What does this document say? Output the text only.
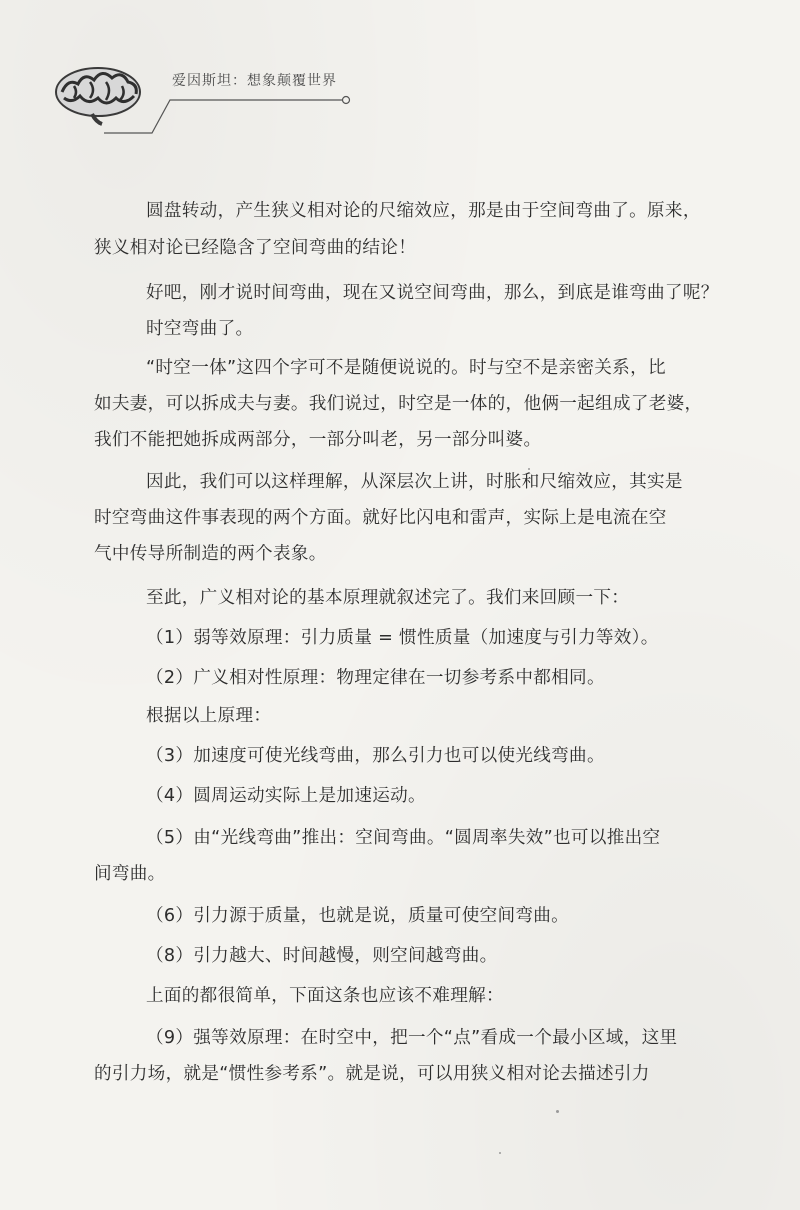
爱因斯坦：想象颠覆世界
圆盘转动，产生狭义相对论的尺缩效应，那是由于空间弯曲了。原来，
狭义相对论已经隐含了空间弯曲的结论！
好吧，刚才说时间弯曲，现在又说空间弯曲，那么，到底是谁弯曲了呢？
时空弯曲了。
“时空一体”这四个字可不是随便说说的。时与空不是亲密关系，比
如夫妻，可以拆成夫与妻。我们说过，时空是一体的，他俩一起组成了老婆，
我们不能把她拆成两部分，一部分叫老，另一部分叫婆。
因此，我们可以这样理解，从深层次上讲，时胀和尺缩效应，其实是
时空弯曲这件事表现的两个方面。就好比闪电和雷声，实际上是电流在空
气中传导所制造的两个表象。
至此，广义相对论的基本原理就叙述完了。我们来回顾一下：
（1）弱等效原理：引力质量 = 惯性质量（加速度与引力等效）。
（2）广义相对性原理：物理定律在一切参考系中都相同。
根据以上原理：
（3）加速度可使光线弯曲，那么引力也可以使光线弯曲。
（4）圆周运动实际上是加速运动。
（5）由“光线弯曲”推出：空间弯曲。“圆周率失效”也可以推出空
间弯曲。
（6）引力源于质量，也就是说，质量可使空间弯曲。
（8）引力越大、时间越慢，则空间越弯曲。
上面的都很简单，下面这条也应该不难理解：
（9）强等效原理：在时空中，把一个“点”看成一个最小区域，这里
的引力场，就是“惯性参考系”。就是说，可以用狭义相对论去描述引力
